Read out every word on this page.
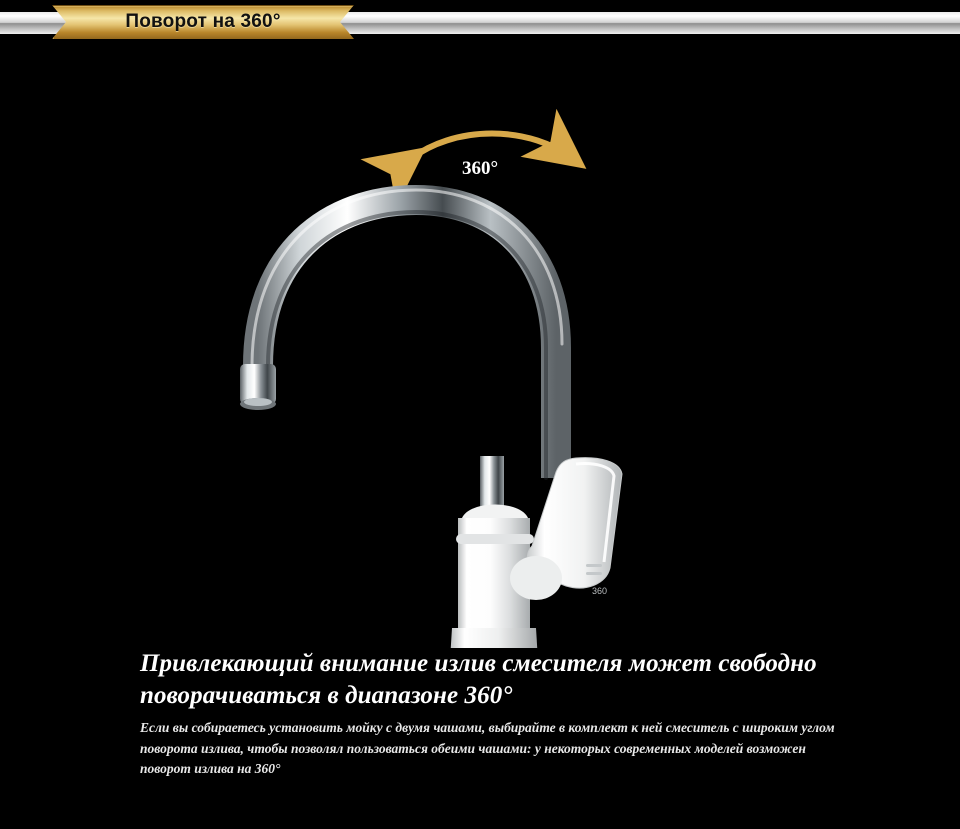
Поворот на 360°
360
360°
Привлекающий внимание излив смесителя может свободно поворачиваться в диапазоне 360°
Если вы собираетесь установить мойку с двумя чашами, выбирайте в комплект к ней смеситель с широким углом поворота излива, чтобы позволял пользоваться обеими чашами: у некоторых современных моделей возможен поворот излива на 360°
